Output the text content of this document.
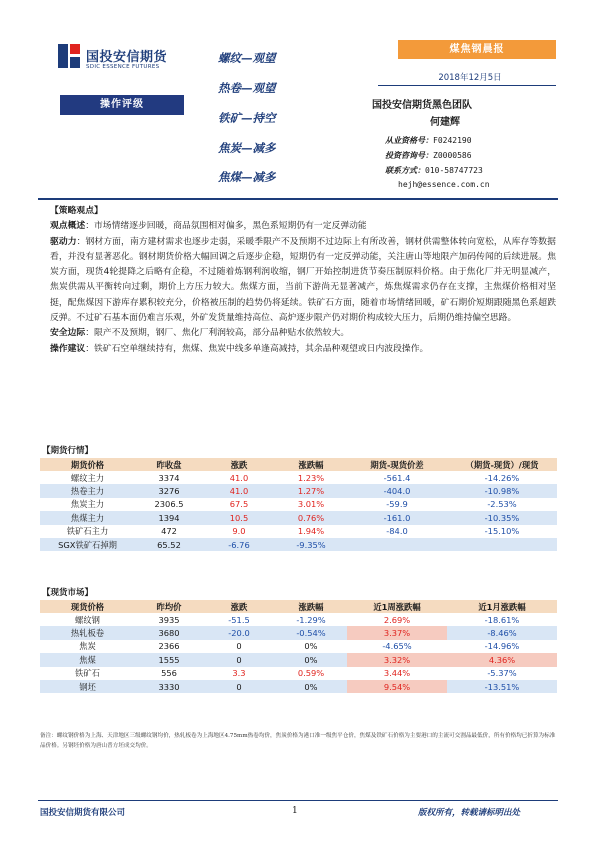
国投安信期货
SDIC ESSENCE FUTURES
操作评级
螺纹—观望
热卷—观望
铁矿—持空
焦炭—减多
焦煤—减多
煤焦钢晨报
2018年12月5日
国投安信期货黑色团队
何建辉
从业资格号：F0242190
投资咨询号：Z0000586
联系方式：010-58747723
hejh@essence.com.cn
【策略观点】

观点概述：市场情绪逐步回暖，商品氛围相对偏多，黑色系短期仍有一定反弹动能

驱动力：钢材方面，南方建材需求也逐步走弱，采暖季限产不及预期不过边际上有所改善，钢材供需整体转向宽松，从库存等数据看，并没有显著恶化。钢材期货价格大幅回调之后逐步企稳，短期仍有一定反弹动能，关注唐山等地限产加码传闻的后续进展。焦炭方面，现货4轮提降之后略有企稳，不过随着炼钢利润收缩，钢厂开始控制进货节奏压制原料价格。由于焦化厂并无明显减产，焦炭供需从平衡转向过剩，期价上方压力较大。焦煤方面，当前下游尚无显著减产，炼焦煤需求仍存在支撑，主焦煤价格相对坚挺，配焦煤因下游库存累积较充分，价格被压制的趋势仍将延续。铁矿石方面，随着市场情绪回暖，矿石期价短期跟随黑色系超跌反弹。不过矿石基本面仍难言乐观，外矿发货量维持高位、高炉逐步限产仍对期价构成较大压力，后期仍维持偏空思路。

安全边际：限产不及预期，钢厂、焦化厂利润较高，部分品种贴水依然较大。

操作建议：铁矿石空单继续持有，焦煤、焦炭中线多单逢高减持，其余品种观望或日内波段操作。

【期货行情】
期货价格	昨收盘	涨跌	涨跌幅	期货-现货价差	（期货-现货）/现货
螺纹主力	3374	41.0	1.23%	-561.4	-14.26%
热卷主力	3276	41.0	1.27%	-404.0	-10.98%
焦炭主力	2306.5	67.5	3.01%	-59.9	-2.53%
焦煤主力	1394	10.5	0.76%	-161.0	-10.35%
铁矿石主力	472	9.0	1.94%	-84.0	-15.10%
SGX铁矿石掉期	65.52	-6.76	-9.35%		
【现货市场】
现货价格	昨均价	涨跌	涨跌幅	近1周涨跌幅	近1月涨跌幅
螺纹钢	3935	-51.5	-1.29%	2.69%	-18.61%
热轧板卷	3680	-20.0	-0.54%	3.37%	-8.46%
焦炭	2366	0	0%	-4.65%	-14.96%
焦煤	1555	0	0%	3.32%	4.36%
铁矿石	556	3.3	0.59%	3.44%	-5.37%
钢坯	3330	0	0%	9.54%	-13.51%
备注：螺纹钢价格为上海、天津地区三级螺纹钢均价，热轧板卷为上海地区4.75mm热卷均价，焦炭价格为港口准一级焦平仓价，焦煤及铁矿石价格为主要港口的主流可交割品最低价，所有价格均已折算为标准品价格。另钢坯价格为唐山普方坯成交均价。
国投安信期货有限公司	1	版权所有，转载请标明出处
